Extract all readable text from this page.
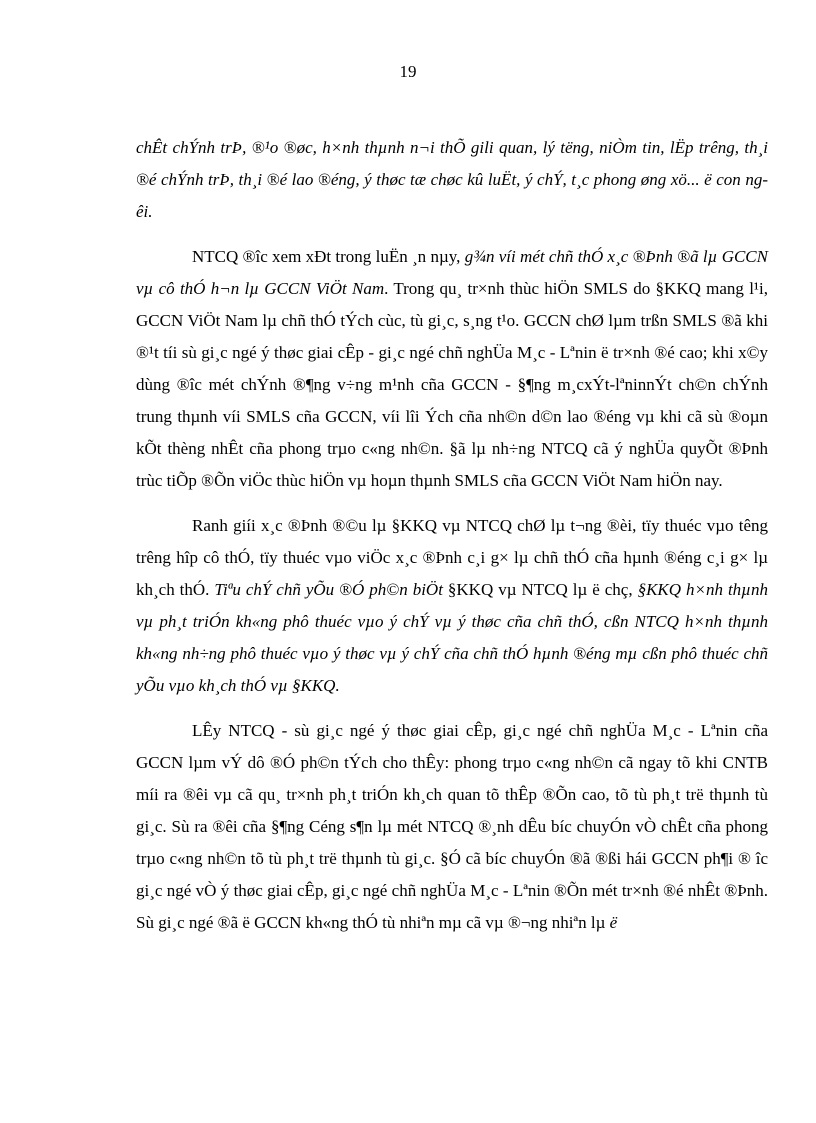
19

chÊt chÝnh trÞ, ®¹o ®øc, h×nh thµnh n¬i thÕ gili quan, lý tëng, niÒm tin, lËp trêng, th¸i ®é chÝnh trÞ, th¸i ®é lao ®éng, ý thøc tæ chøc kû luËt, ý chÝ, t¸c phong øng xö... ë con ngêi.

NTCQ ®îc xem xÐt trong luËn ¸n nµy, g¾n víi mét chñ thÓ x¸c ®Þnh ®ã lµ GCCN vµ cô thÓ h¬n lµ GCCN ViÖt Nam. Trong qu¸ tr×nh thùc hiÖn SMLS do §KKQ mang l¹i, GCCN ViÖt Nam lµ chñ thÓ tÝch cùc, tù gi¸c, s¸ng t¹o. GCCN chØ lµm trßn SMLS ®ã khi ®¹t tíi sù gi¸c ngé ý thøc giai cÊp - gi¸c ngé chñ nghÜa M¸c - Lªnin ë tr×nh ®é cao; khi x©y dùng ®îc mét chÝnh ®¶ng v÷ng m¹nh cña GCCN - §¶ng m¸cxÝt-lªninnÝt ch©n chÝnh trung thµnh víi SMLS cña GCCN, víi lîi Ých cña nh©n d©n lao ®éng vµ khi cã sù ®oµn kÕt thèng nhÊt cña phong trµo c«ng nh©n. §ã lµ nh÷ng NTCQ cã ý nghÜa quyÕt ®Þnh trùc tiÕp ®Õn viÖc thùc hiÖn vµ hoµn thµnh SMLS cña GCCN ViÖt Nam hiÖn nay.

Ranh giíi x¸c ®Þnh ®©u lµ §KKQ vµ NTCQ chØ lµ t¬ng ®èi, tïy thuéc vµo têng trêng hîp cô thÓ, tïy thuéc vµo viÖc x¸c ®Þnh c¸i g× lµ chñ thÓ cña hµnh ®éng c¸i g× lµ kh¸ch thÓ. Tiªu chÝ chñ yÕu ®Ó ph©n biÖt §KKQ vµ NTCQ lµ ë chç, §KKQ h×nh thµnh vµ ph¸t triÓn kh«ng phô thuéc vµo ý chÝ vµ ý thøc cña chñ thÓ, cßn NTCQ h×nh thµnh kh«ng nh÷ng phô thuéc vµo ý thøc vµ ý chÝ cña chñ thÓ hµnh ®éng mµ cßn phô thuéc chñ yÕu vµo kh¸ch thÓ vµ §KKQ.

LÊy NTCQ - sù gi¸c ngé ý thøc giai cÊp, gi¸c ngé chñ nghÜa M¸c - Lªnin cña GCCN lµm vÝ dô ®Ó ph©n tÝch cho thÊy: phong trµo c«ng nh©n cã ngay tõ khi CNTB míi ra ®êi vµ cã qu¸ tr×nh ph¸t triÓn kh¸ch quan tõ thÊp ®Õn cao, tõ tù ph¸t trë thµnh tù gi¸c. Sù ra ®êi cña §¶ng Céng s¶n lµ mét NTCQ ®¸nh dÊu bíc chuyÓn vÒ chÊt cña phong trµo c«ng nh©n tõ tù ph¸t trë thµnh tù gi¸c. §Ó cã bíc chuyÓn ®ã ®ßi hái GCCN ph¶i ® îc gi¸c ngé vÒ ý thøc giai cÊp, gi¸c ngé chñ nghÜa M¸c - Lªnin ®Õn mét tr×nh ®é nhÊt ®Þnh. Sù gi¸c ngé ®ã ë GCCN kh«ng thÓ tù nhiªn mµ cã vµ ®¬ng nhiªn lµ ë
